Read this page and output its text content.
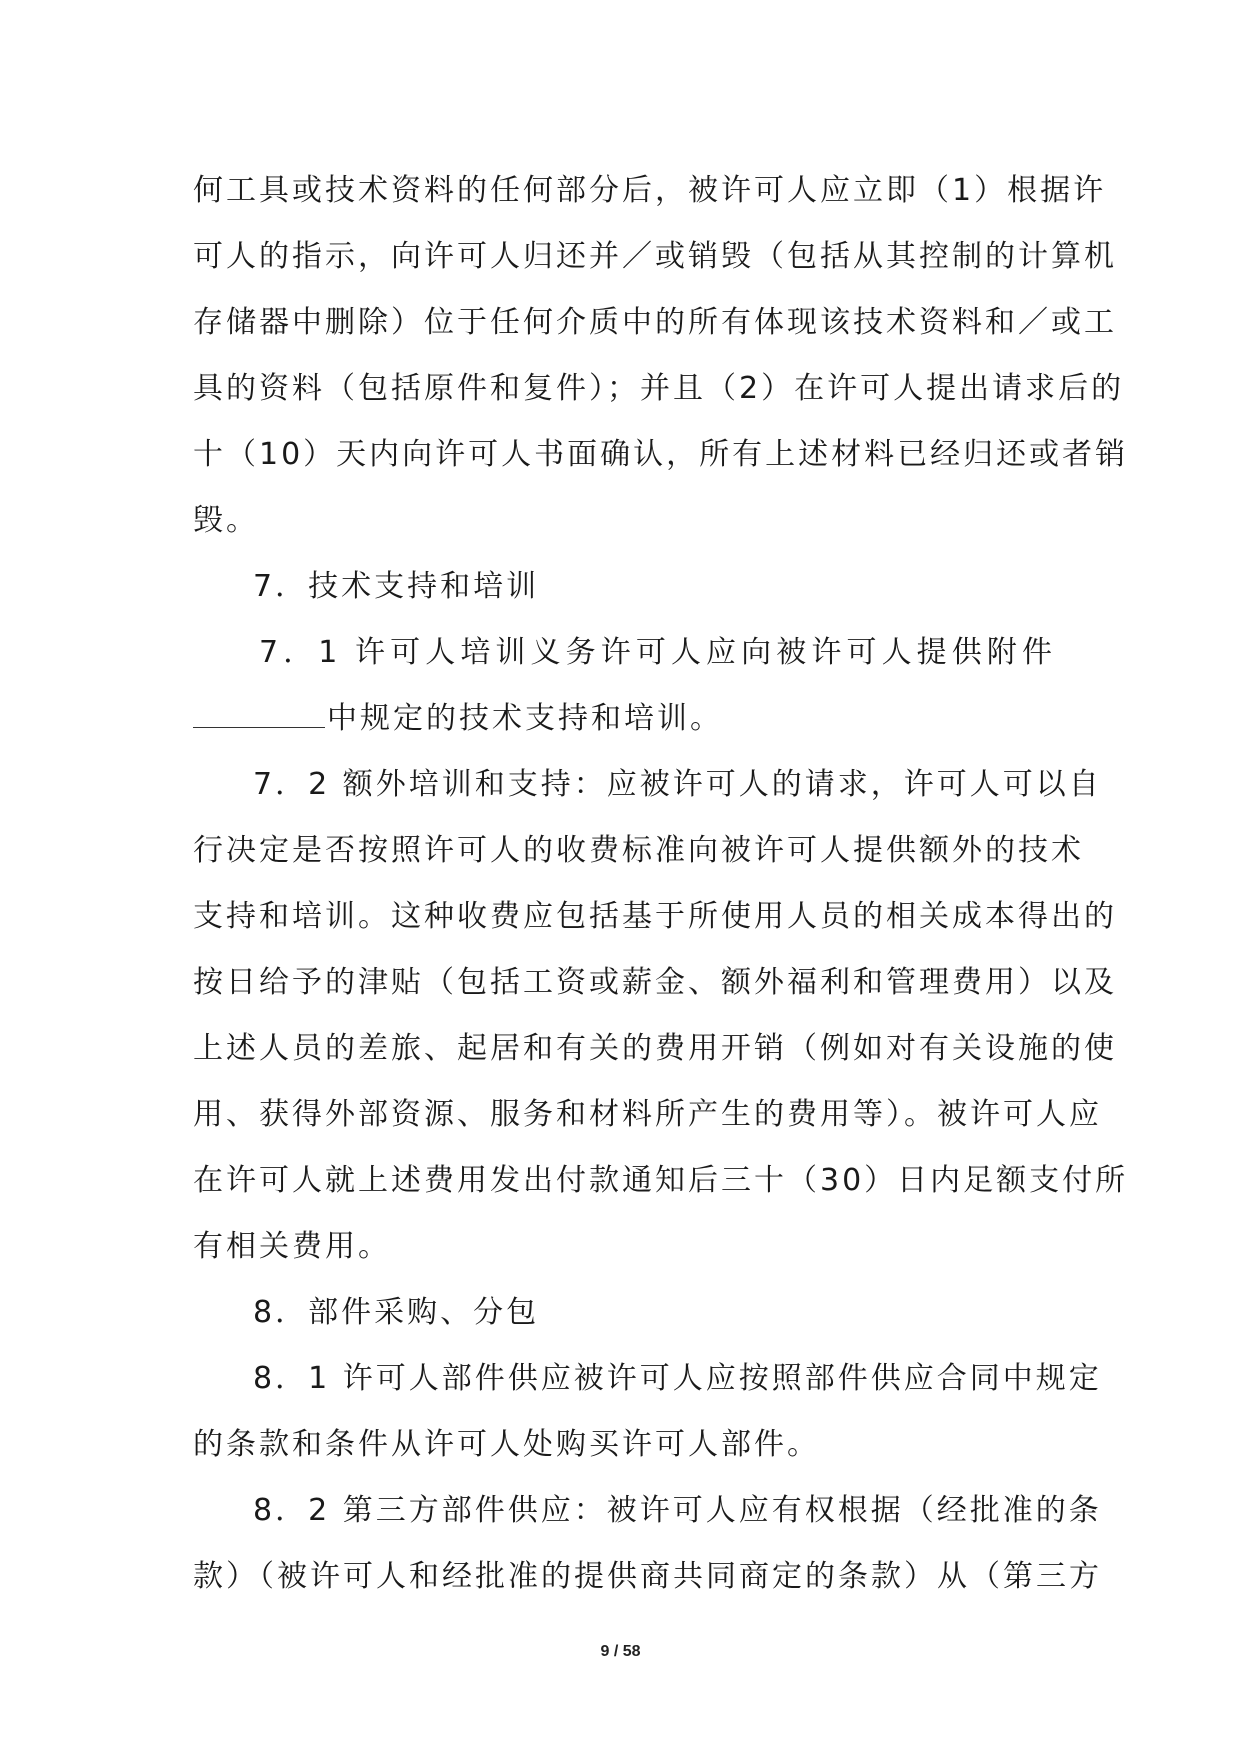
何工具或技术资料的任何部分后，被许可人应立即（1）根据许
可人的指示，向许可人归还并／或销毁（包括从其控制的计算机
存储器中删除）位于任何介质中的所有体现该技术资料和／或工
具的资料（包括原件和复件）；并且（2）在许可人提出请求后的
十（10）天内向许可人书面确认，所有上述材料已经归还或者销
毁。
7．技术支持和培训
7．1 许可人培训义务许可人应向被许可人提供附件
中规定的技术支持和培训。
7．2 额外培训和支持：应被许可人的请求，许可人可以自
行决定是否按照许可人的收费标准向被许可人提供额外的技术
支持和培训。这种收费应包括基于所使用人员的相关成本得出的
按日给予的津贴（包括工资或薪金、额外福利和管理费用）以及
上述人员的差旅、起居和有关的费用开销（例如对有关设施的使
用、获得外部资源、服务和材料所产生的费用等）。被许可人应
在许可人就上述费用发出付款通知后三十（30）日内足额支付所
有相关费用。
8．部件采购、分包
8．1 许可人部件供应被许可人应按照部件供应合同中规定
的条款和条件从许可人处购买许可人部件。
8．2 第三方部件供应：被许可人应有权根据（经批准的条
款）（被许可人和经批准的提供商共同商定的条款）从（第三方
9 / 58
